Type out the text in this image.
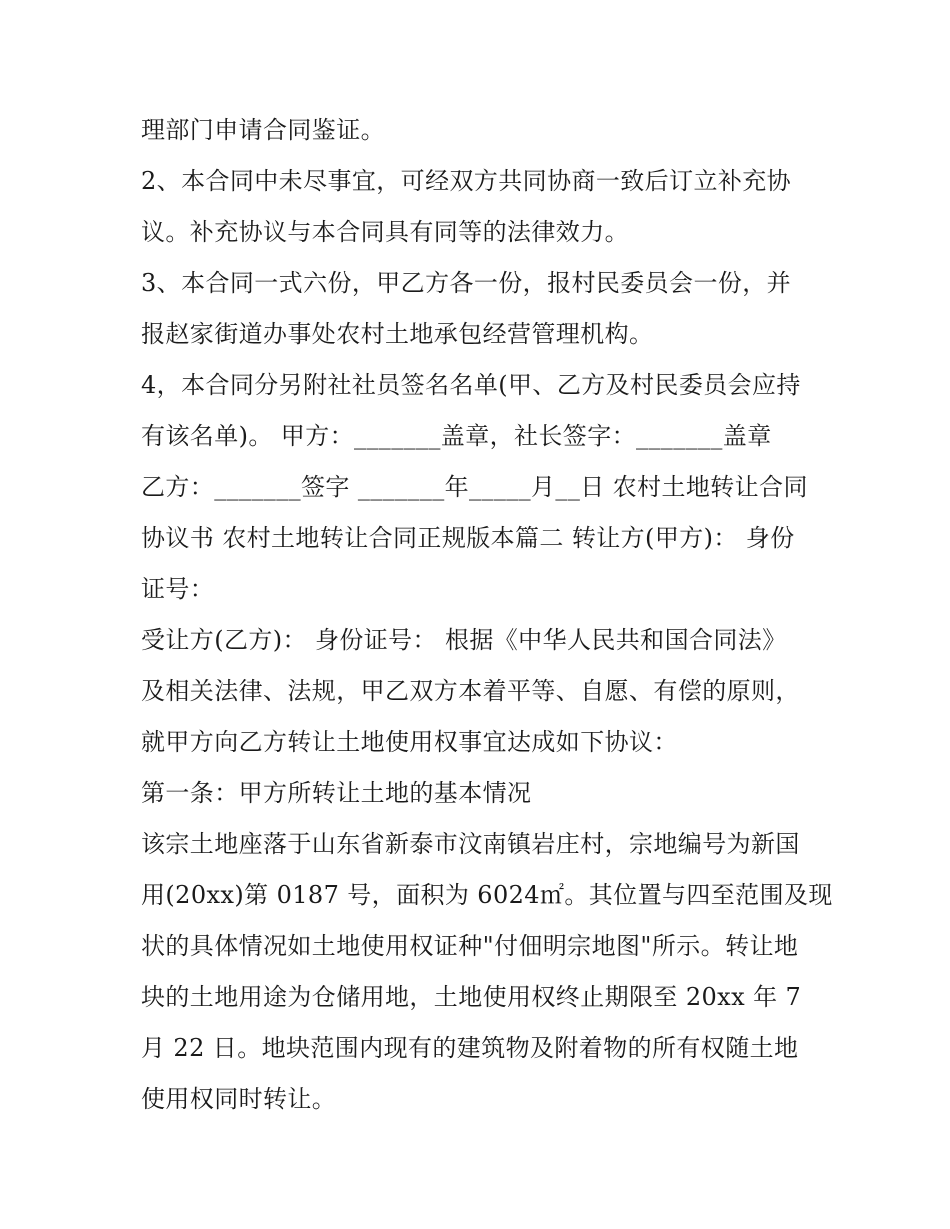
理部门申请合同鉴证。
2、本合同中未尽事宜，可经双方共同协商一致后订立补充协
议。补充协议与本合同具有同等的法律效力。
3、本合同一式六份，甲乙方各一份，报村民委员会一份，并
报赵家街道办事处农村土地承包经营管理机构。
4，本合同分另附社社员签名名单(甲、乙方及村民委员会应持
有该名单)。 甲方：_______盖章，社长签字：_______盖章
乙方：_______签字 _______年_____月__日 农村土地转让合同
协议书 农村土地转让合同正规版本篇二 转让方(甲方)： 身份
证号：
受让方(乙方)： 身份证号： 根据《中华人民共和国合同法》
及相关法律、法规，甲乙双方本着平等、自愿、有偿的原则，
就甲方向乙方转让土地使用权事宜达成如下协议：
第一条：甲方所转让土地的基本情况
该宗土地座落于山东省新泰市汶南镇岩庄村，宗地编号为新国
用(20xx)第 0187 号，面积为 6024㎡。其位置与四至范围及现
状的具体情况如土地使用权证种"付佃明宗地图"所示。转让地
块的土地用途为仓储用地，土地使用权终止期限至 20xx 年 7
月 22 日。地块范围内现有的建筑物及附着物的所有权随土地
使用权同时转让。
